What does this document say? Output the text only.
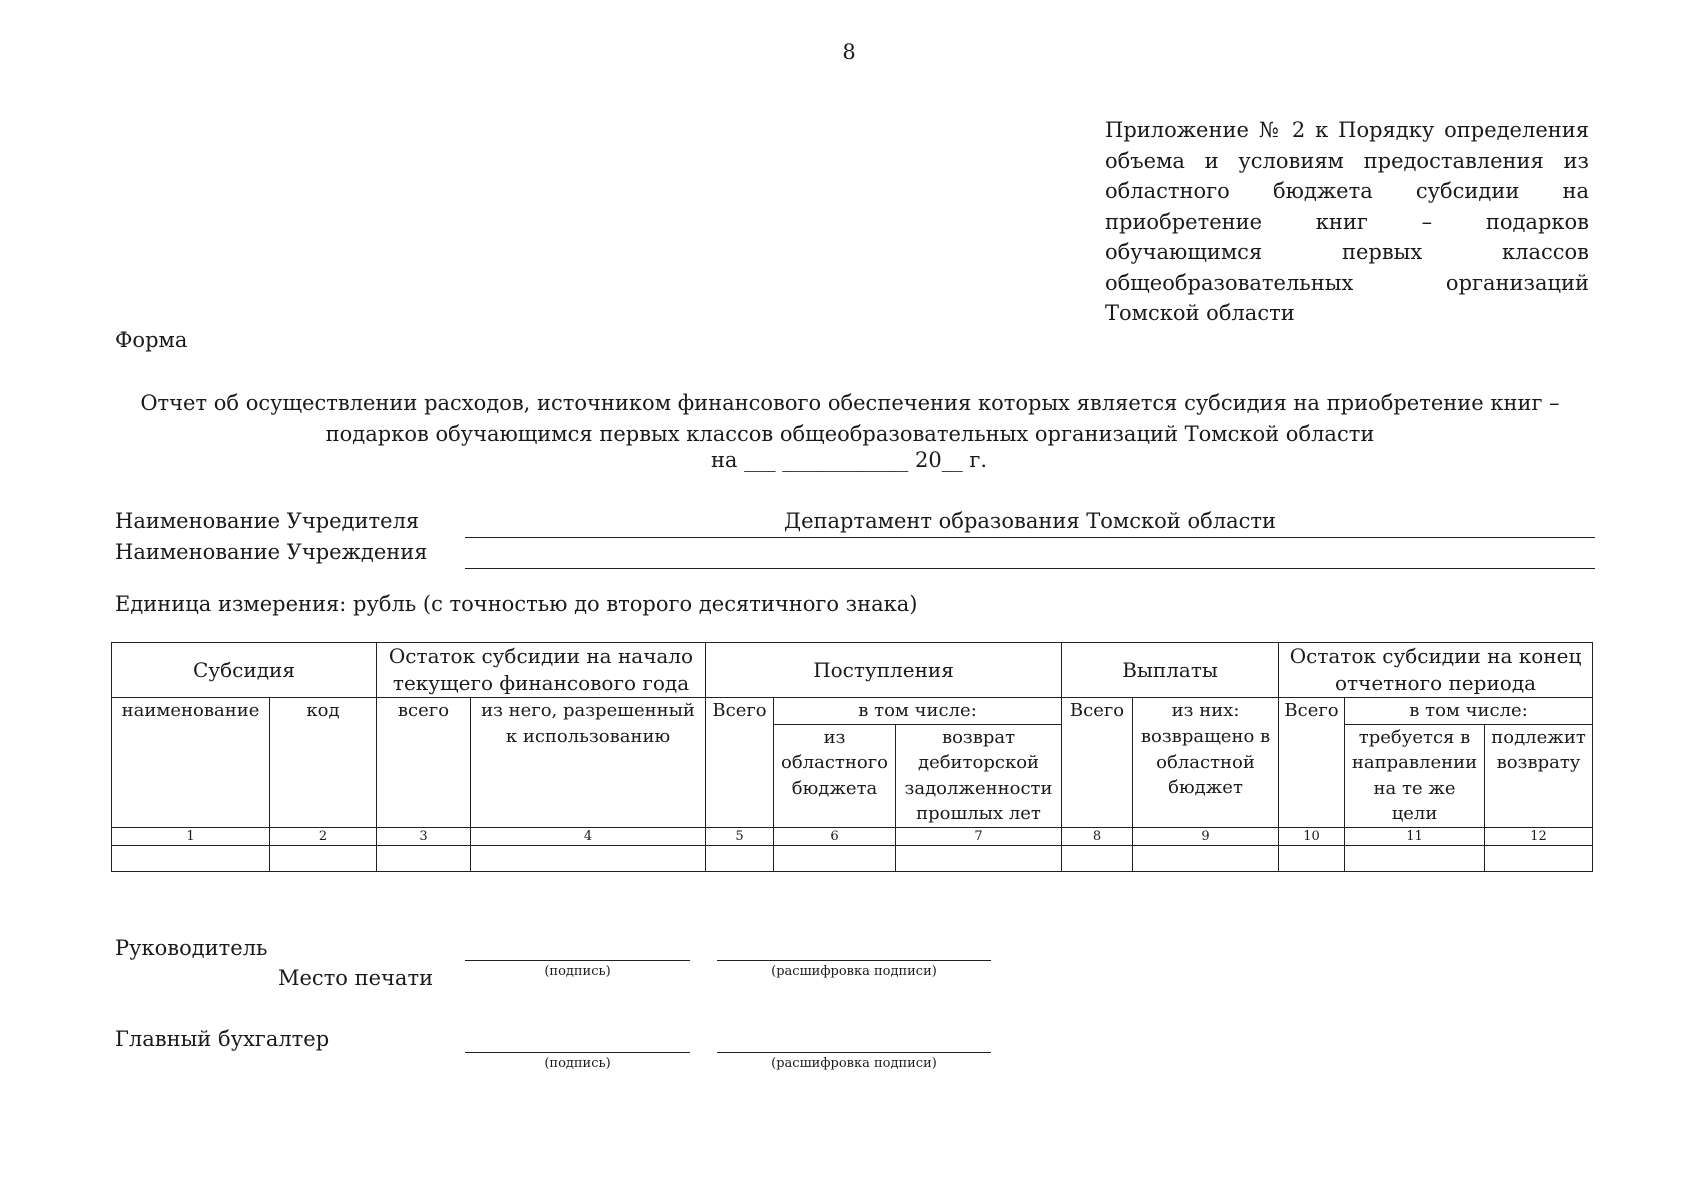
8
Приложение № 2 к Порядку определения
объема и условиям предоставления из
областного бюджета субсидии на
приобретение книг – подарков
обучающимся первых классов
общеобразовательных организаций
Томской области
Форма
Отчет об осуществлении расходов, источником финансового обеспечения которых является субсидия на приобретение книг –
подарков обучающимся первых классов общеобразовательных организаций Томской области
на ___ ____________ 20__ г.
Наименование Учредителя	Департамент образования Томской области
Наименование Учреждения
Единица измерения: рубль (с точностью до второго десятичного знака)
Субсидия		Остаток субсидии на начало текущего финансового года		Поступления			Выплаты		Остаток субсидии на конец отчетного периода		
наименование	код	всего	из него, разрешенный к использованию	Всего	в том числе:		Всего	из них:	Всего	в том числе:	
					из областного бюджета	возврат дебиторской задолженности прошлых лет		возвращено в областной бюджет		требуется в направлении на те же цели	подлежит возврату
1	2	3	4	5	6	7	8	9	10	11	12

Руководитель
Место печати	(подпись)	(расшифровка подписи)
Главный бухгалтер
(подпись)	(расшифровка подписи)
